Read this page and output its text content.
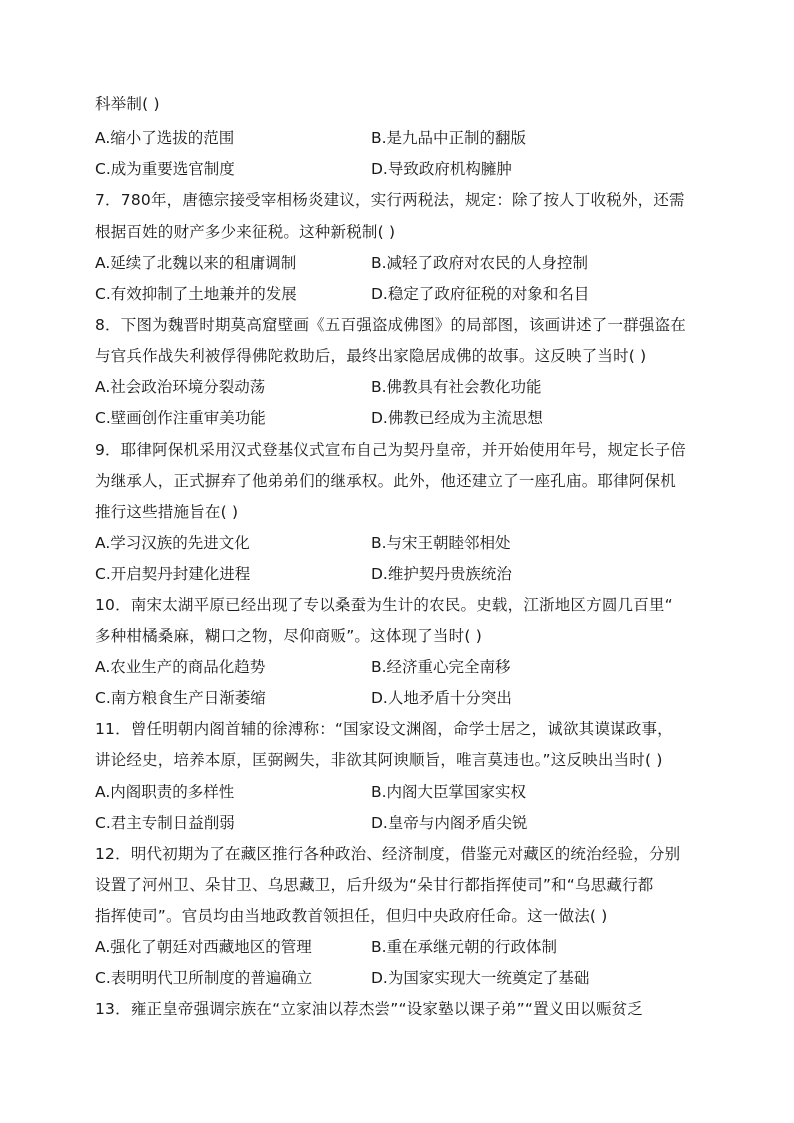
科举制( )
A.缩小了选拔的范围	B.是九品中正制的翻版
C.成为重要选官制度	D.导致政府机构臃肿
7．780年，唐德宗接受宰相杨炎建议，实行两税法，规定：除了按人丁收税外，还需
根据百姓的财产多少来征税。这种新税制( )
A.延续了北魏以来的租庸调制	B.减轻了政府对农民的人身控制
C.有效抑制了土地兼并的发展	D.稳定了政府征税的对象和名目
8．下图为魏晋时期莫高窟壁画《五百强盗成佛图》的局部图，该画讲述了一群强盗在
与官兵作战失利被俘得佛陀救助后，最终出家隐居成佛的故事。这反映了当时( )
A.社会政治环境分裂动荡	B.佛教具有社会教化功能
C.壁画创作注重审美功能	D.佛教已经成为主流思想
9．耶律阿保机采用汉式登基仪式宣布自己为契丹皇帝，并开始使用年号，规定长子倍
为继承人，正式摒弃了他弟弟们的继承权。此外，他还建立了一座孔庙。耶律阿保机
推行这些措施旨在( )
A.学习汉族的先进文化	B.与宋王朝睦邻相处
C.开启契丹封建化进程	D.维护契丹贵族统治
10．南宋太湖平原已经出现了专以桑蚕为生计的农民。史载，江浙地区方圆几百里“
多种柑橘桑麻，糊口之物，尽仰商贩”。这体现了当时( )
A.农业生产的商品化趋势	B.经济重心完全南移
C.南方粮食生产日渐萎缩	D.人地矛盾十分突出
11．曾任明朝内阁首辅的徐溥称：“国家设文渊阁，命学士居之，诚欲其谟谋政事，
讲论经史，培养本原，匡弼阙失，非欲其阿谀顺旨，唯言莫违也。”这反映出当时( )
A.内阁职责的多样性	B.内阁大臣掌国家实权
C.君主专制日益削弱	D.皇帝与内阁矛盾尖锐
12．明代初期为了在藏区推行各种政治、经济制度，借鉴元对藏区的统治经验，分别
设置了河州卫、朵甘卫、乌思藏卫，后升级为“朵甘行都指挥使司”和“乌思藏行都
指挥使司”。官员均由当地政教首领担任，但归中央政府任命。这一做法( )
A.强化了朝廷对西藏地区的管理	B.重在承继元朝的行政体制
C.表明明代卫所制度的普遍确立	D.为国家实现大一统奠定了基础
13．雍正皇帝强调宗族在“立家油以荐杰尝”“设家塾以课子弟”“置义田以赈贫乏
